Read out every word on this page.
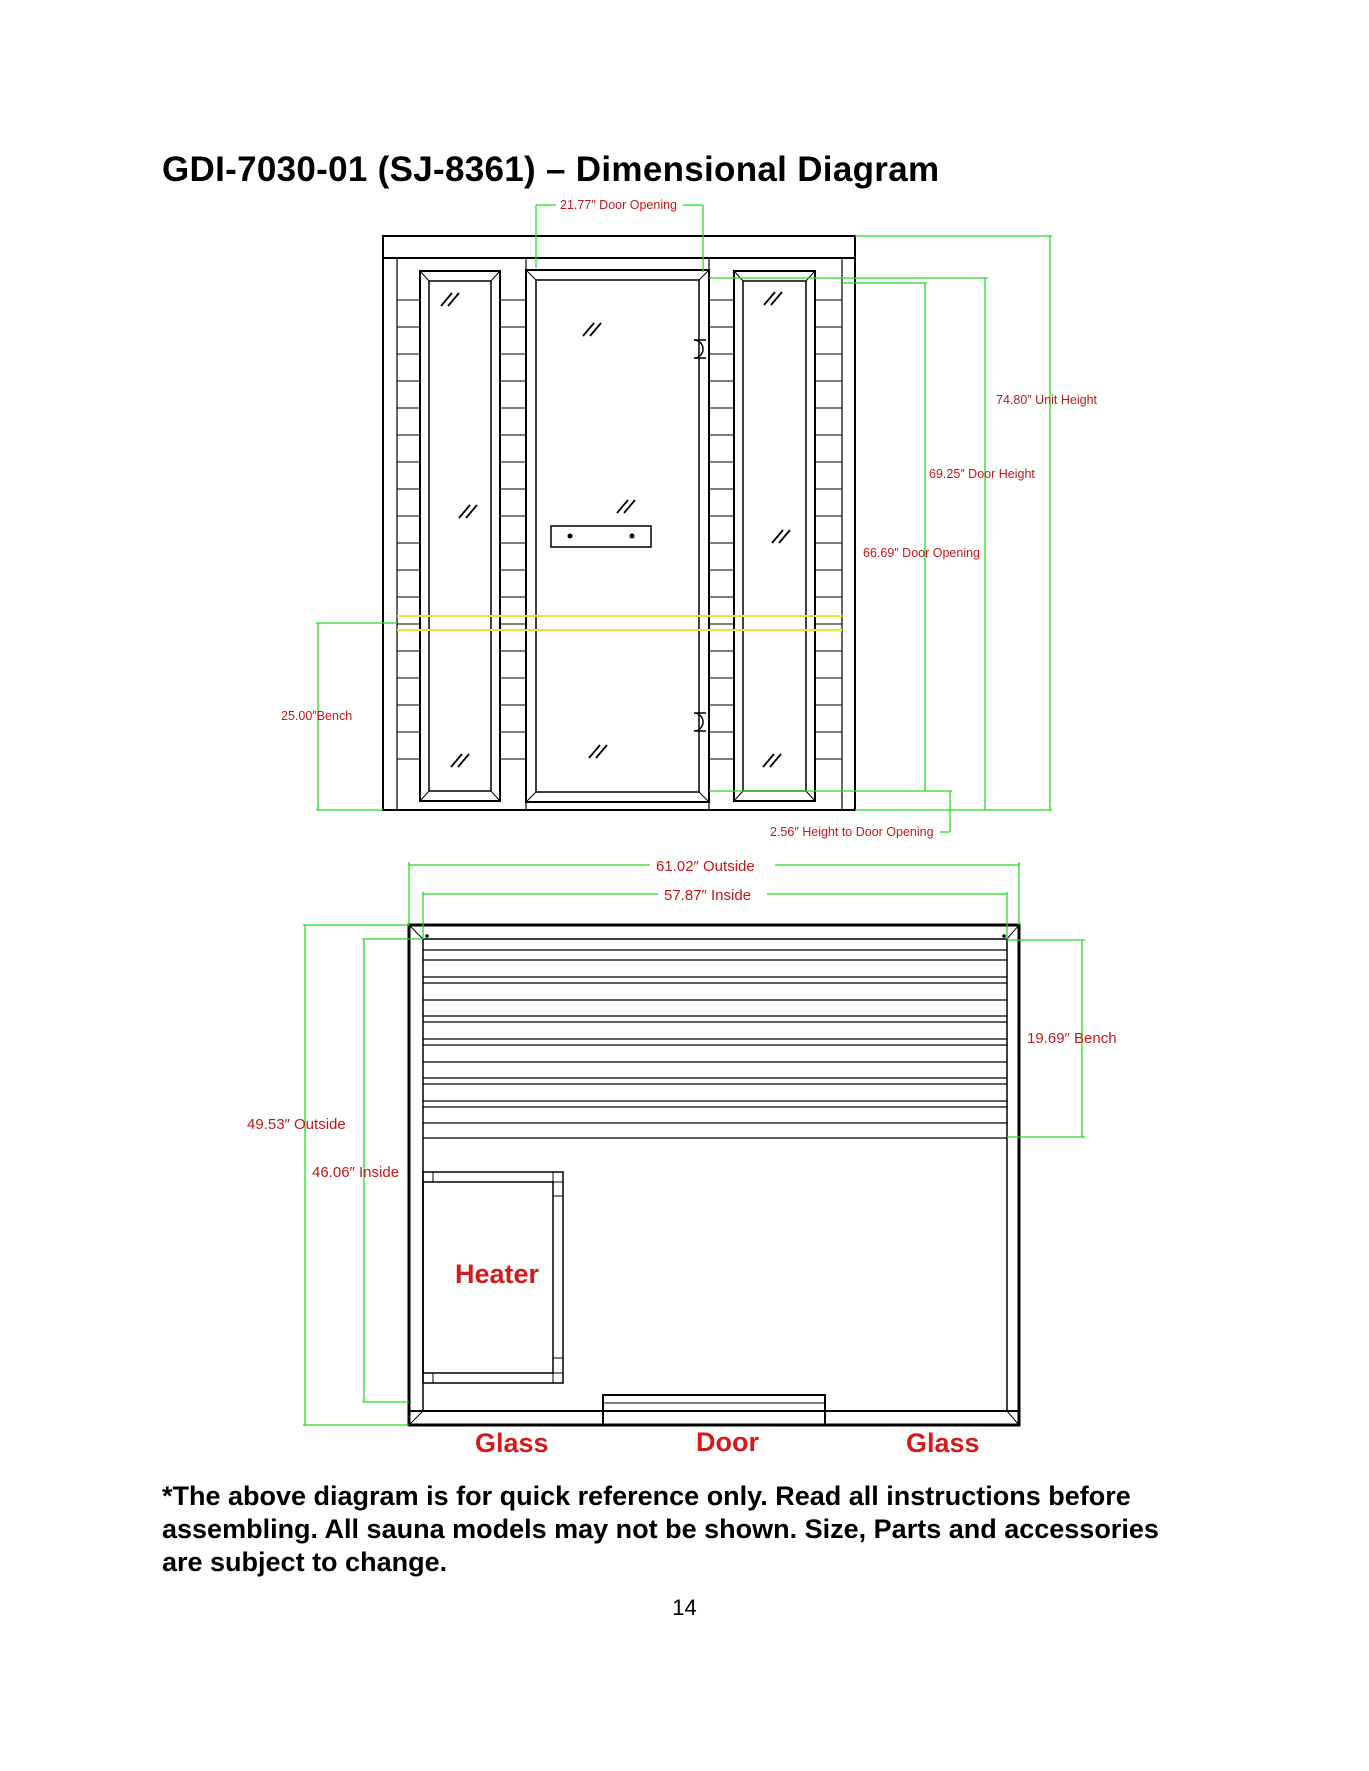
GDI-7030-01 (SJ-8361) – Dimensional Diagram
21.77″ Door Opening
74.80″ Unit Height
69.25″ Door Height
66.69″ Door Opening
25.00″Bench
2.56″ Height to Door Opening
61.02″ Outside
57.87″ Inside
19.69″ Bench
49.53″ Outside
46.06″ Inside
Heater
Glass	Door	Glass
*The above diagram is for quick reference only. Read all instructions before assembling. All sauna models may not be shown. Size, Parts and accessories are subject to change.
14
